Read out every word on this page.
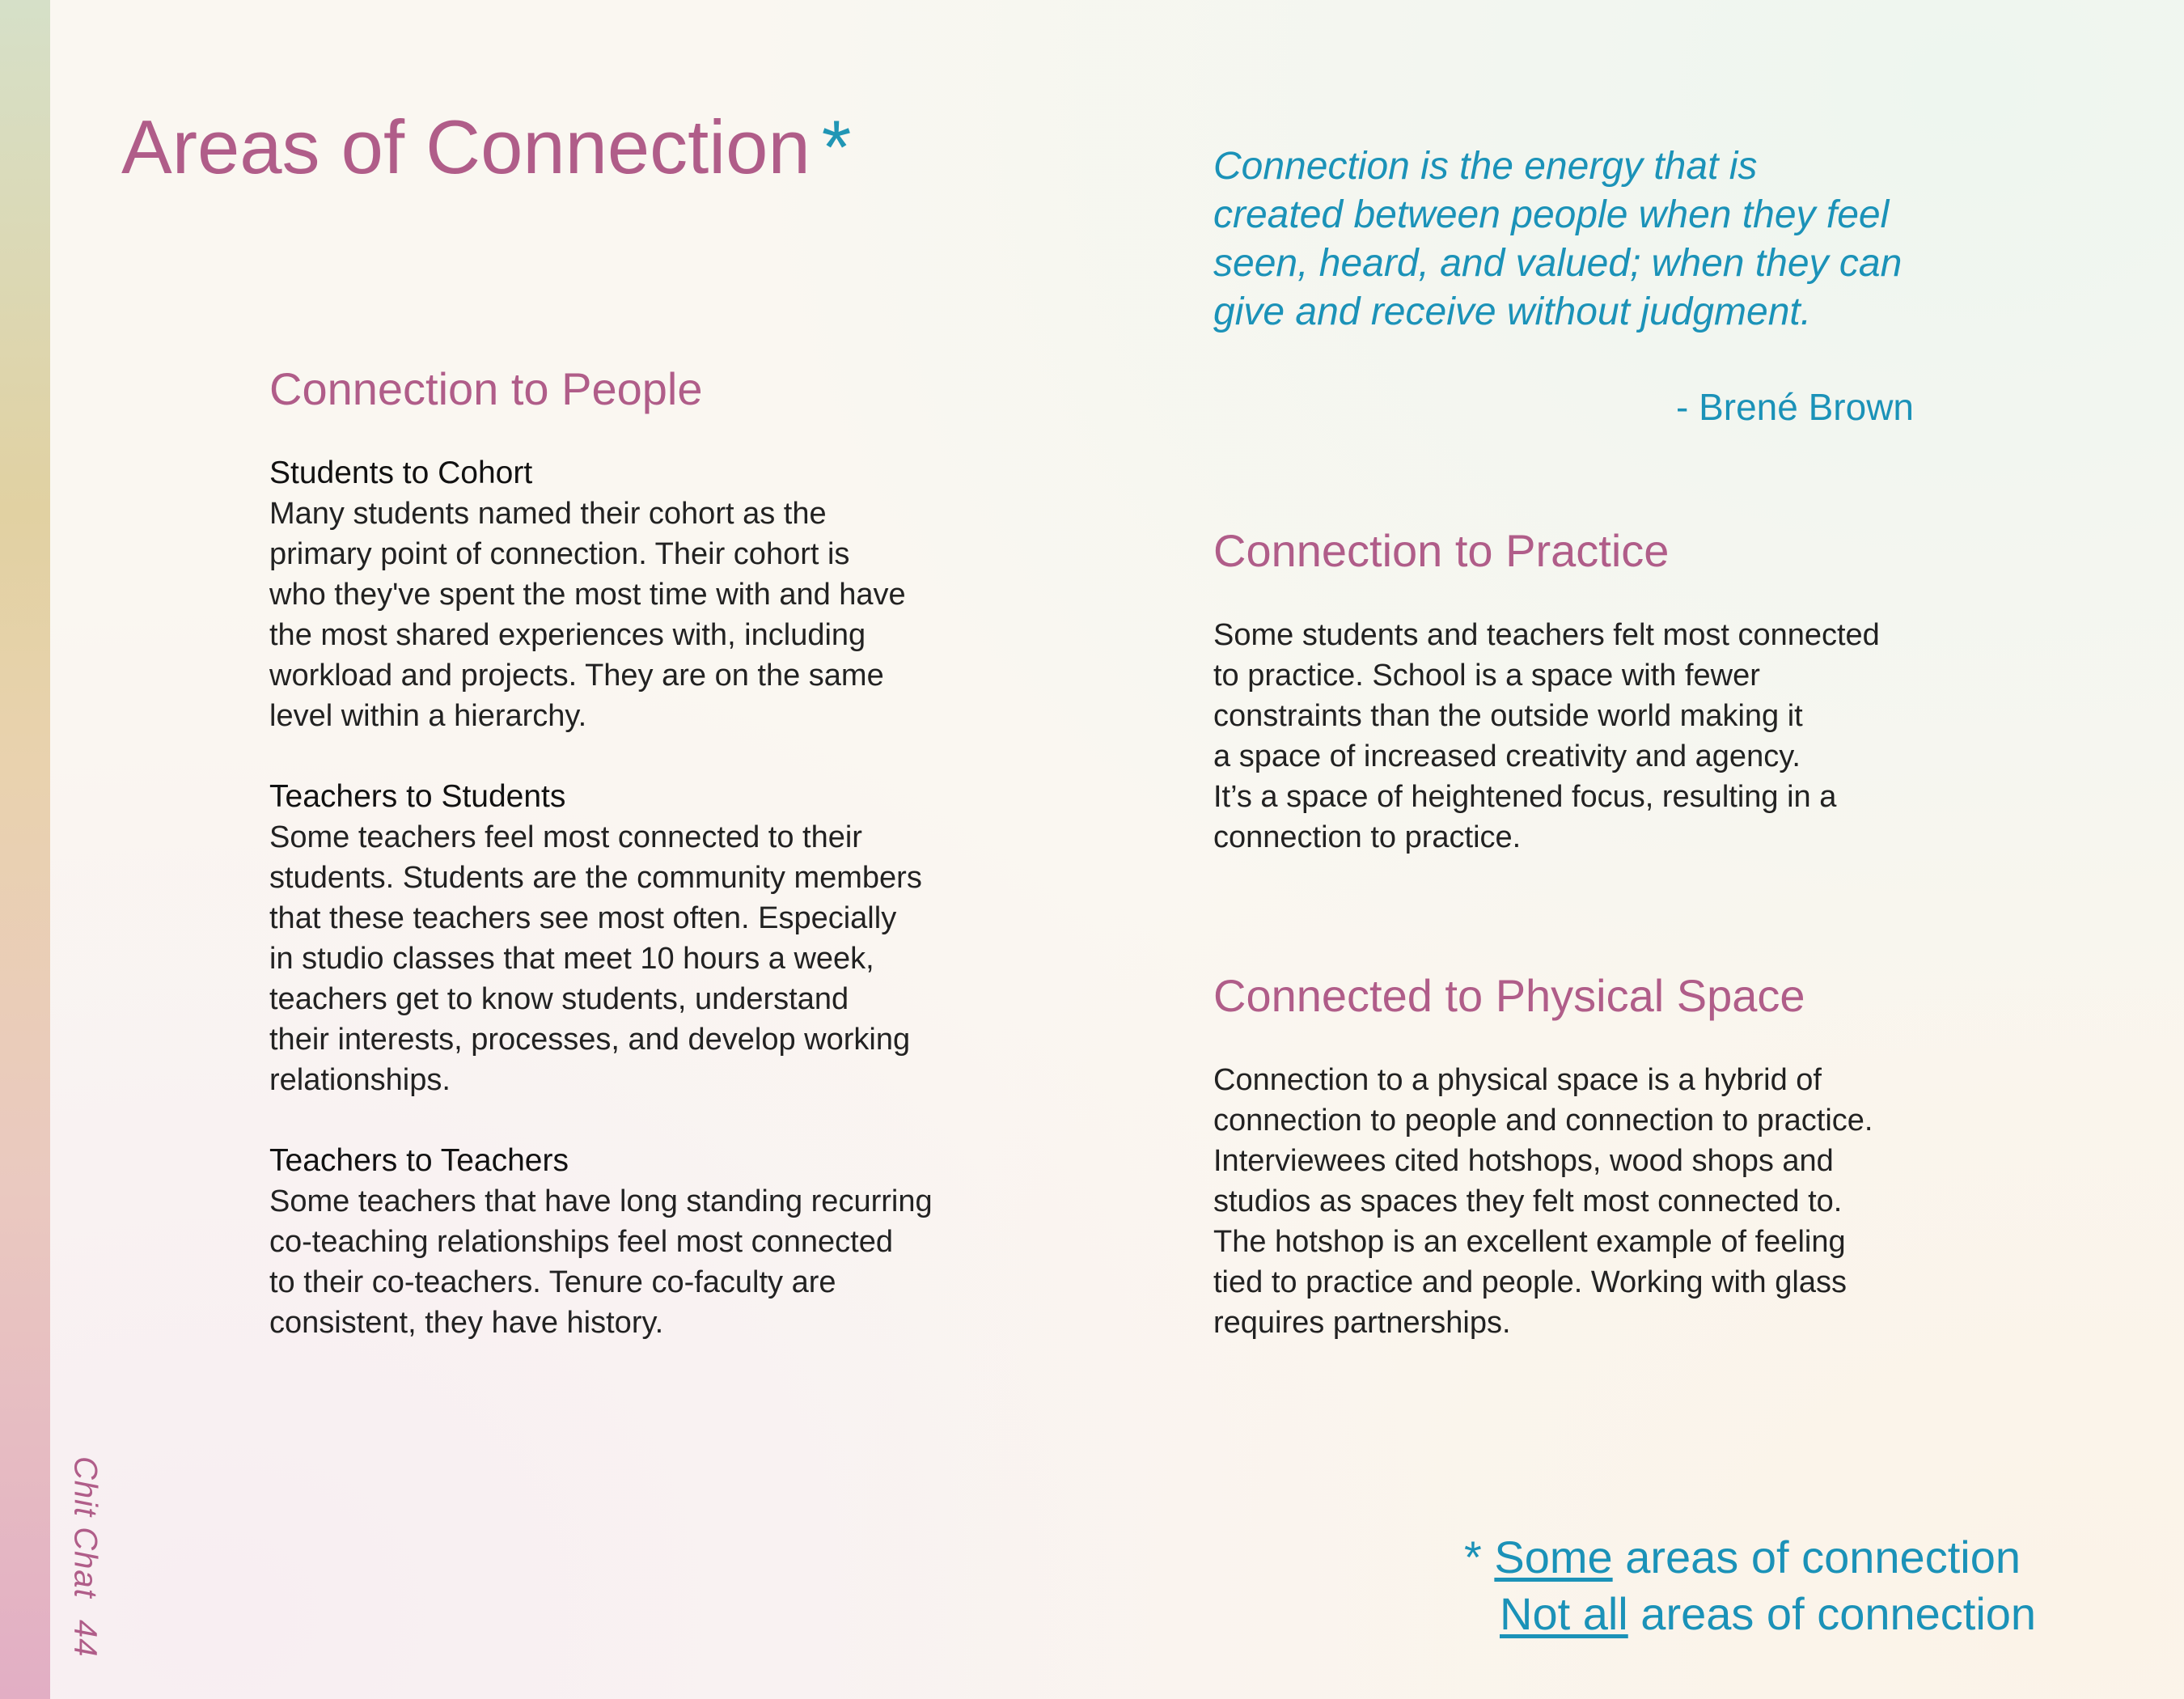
Chit Chat
44
Areas of Connection *
Connection to People
Students to Cohort
Many students named their cohort as the
primary point of connection. Their cohort is
who they've spent the most time with and have
the most shared experiences with, including
workload and projects. They are on the same
level within a hierarchy.
Teachers to Students
Some teachers feel most connected to their
students. Students are the community members
that these teachers see most often. Especially
in studio classes that meet 10 hours a week,
teachers get to know students, understand
their interests, processes, and develop working
relationships.
Teachers to Teachers
Some teachers that have long standing recurring
co-teaching relationships feel most connected
to their co-teachers. Tenure co-faculty are
consistent, they have history.

Connection is the energy that is
created between people when they feel
seen, heard, and valued; when they can
give and receive without judgment.

- Brené Brown
Connection to Practice
Some students and teachers felt most connected
to practice. School is a space with fewer
constraints than the outside world making it
a space of increased creativity and agency.
It’s a space of heightened focus, resulting in a
connection to practice.
Connected to Physical Space
Connection to a physical space is a hybrid of
connection to people and connection to practice.
Interviewees cited hotshops, wood shops and
studios as spaces they felt most connected to.
The hotshop is an excellent example of feeling
tied to practice and people. Working with glass
requires partnerships.
* Some areas of connection
Not all areas of connection
